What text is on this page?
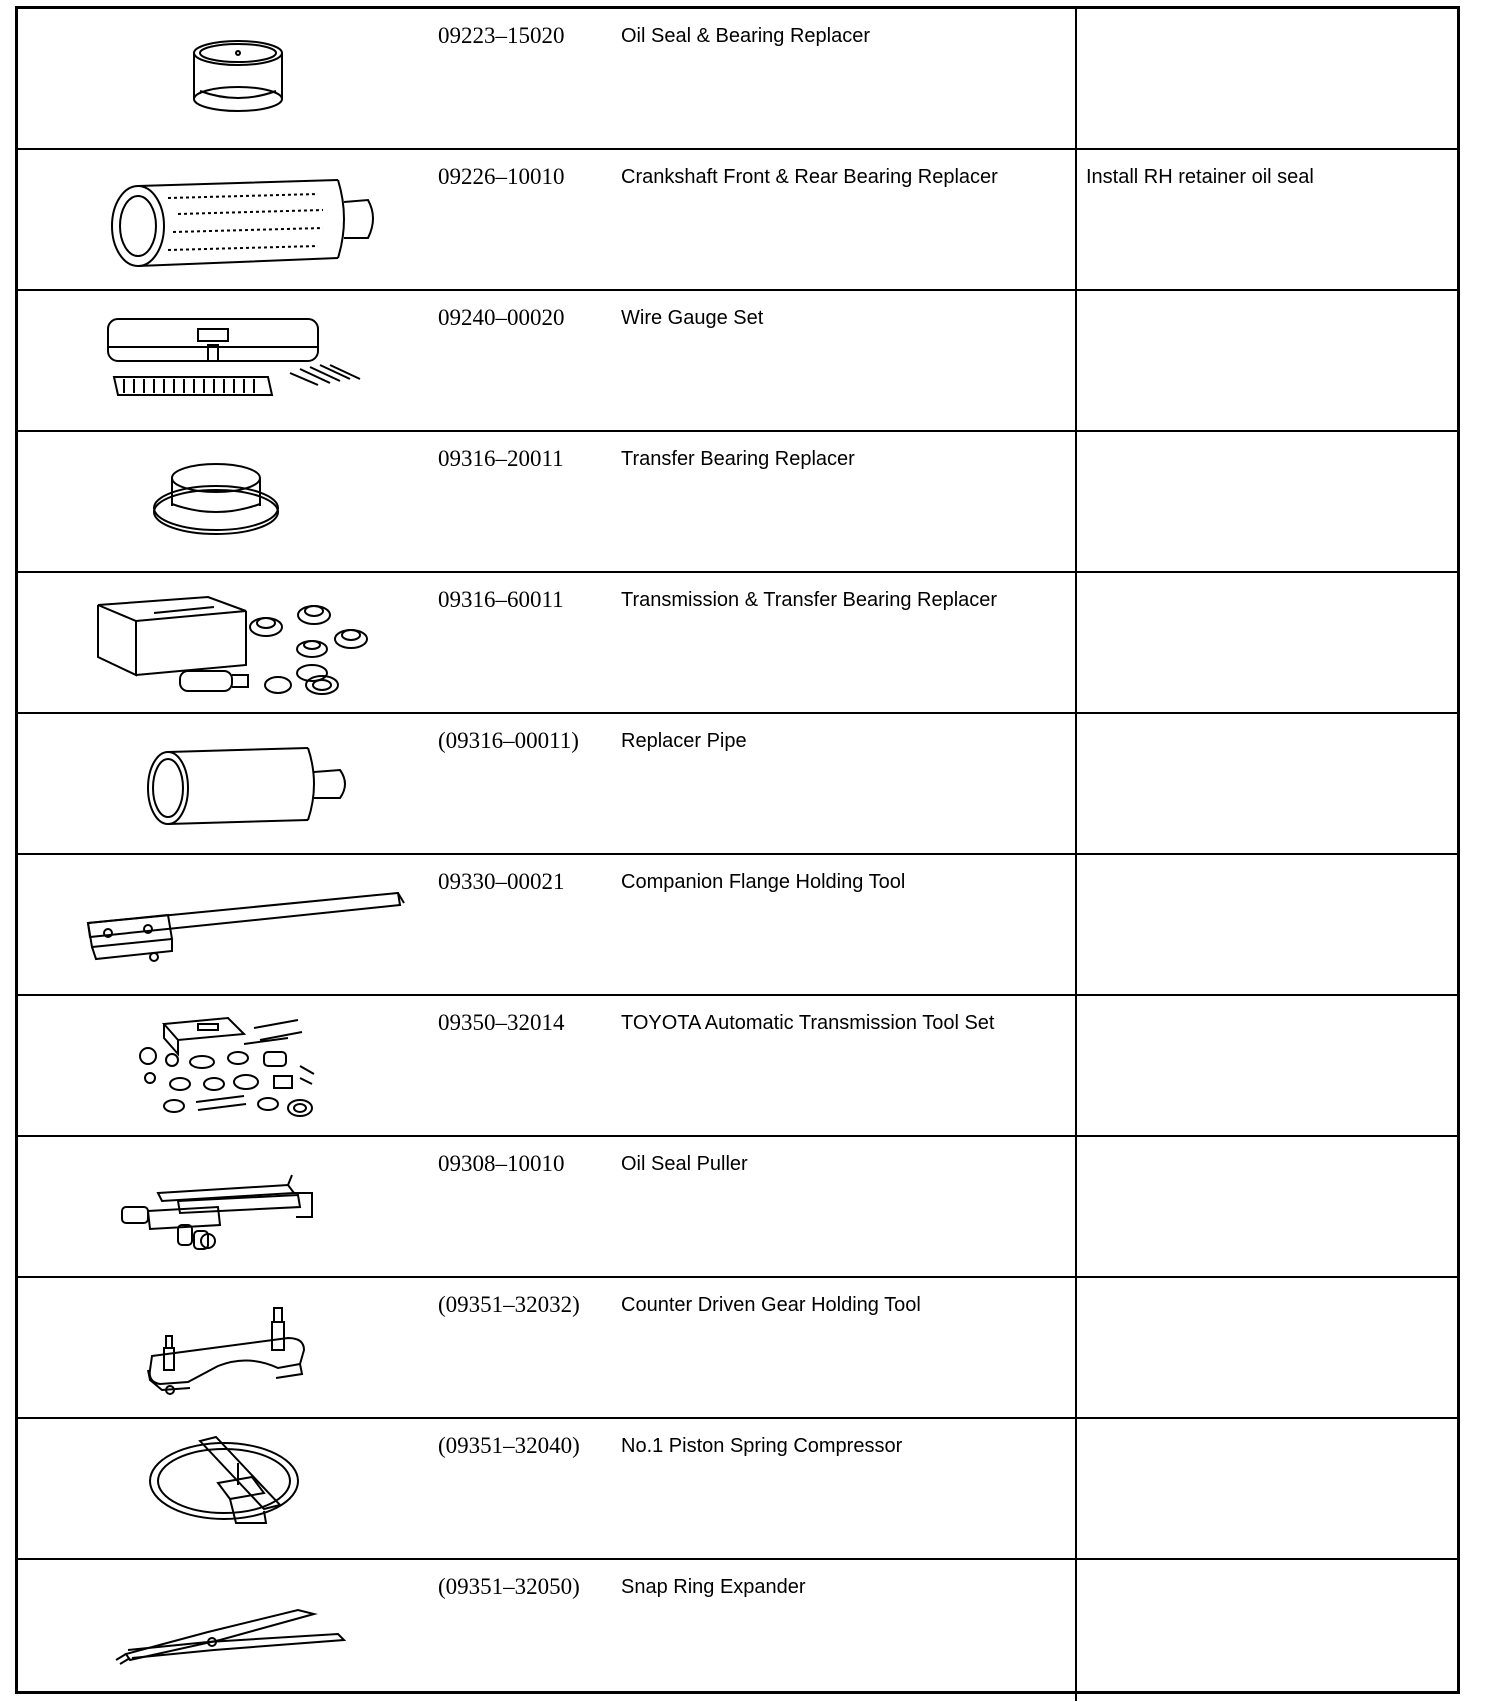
09223–15020	Oil Seal & Bearing Replacer
09226–10010	Crankshaft Front & Rear Bearing Replacer	Install RH retainer oil seal
09240–00020	Wire Gauge Set
09316–20011	Transfer Bearing Replacer
09316–60011	Transmission & Transfer Bearing Replacer
(09316–00011) Replacer Pipe
09330–00021	Companion Flange Holding Tool
09350–32014	TOYOTA Automatic Transmission Tool Set
09308–10010	Oil Seal Puller
(09351–32032) Counter Driven Gear Holding Tool
(09351–32040) No.1 Piston Spring Compressor
(09351–32050) Snap Ring Expander
